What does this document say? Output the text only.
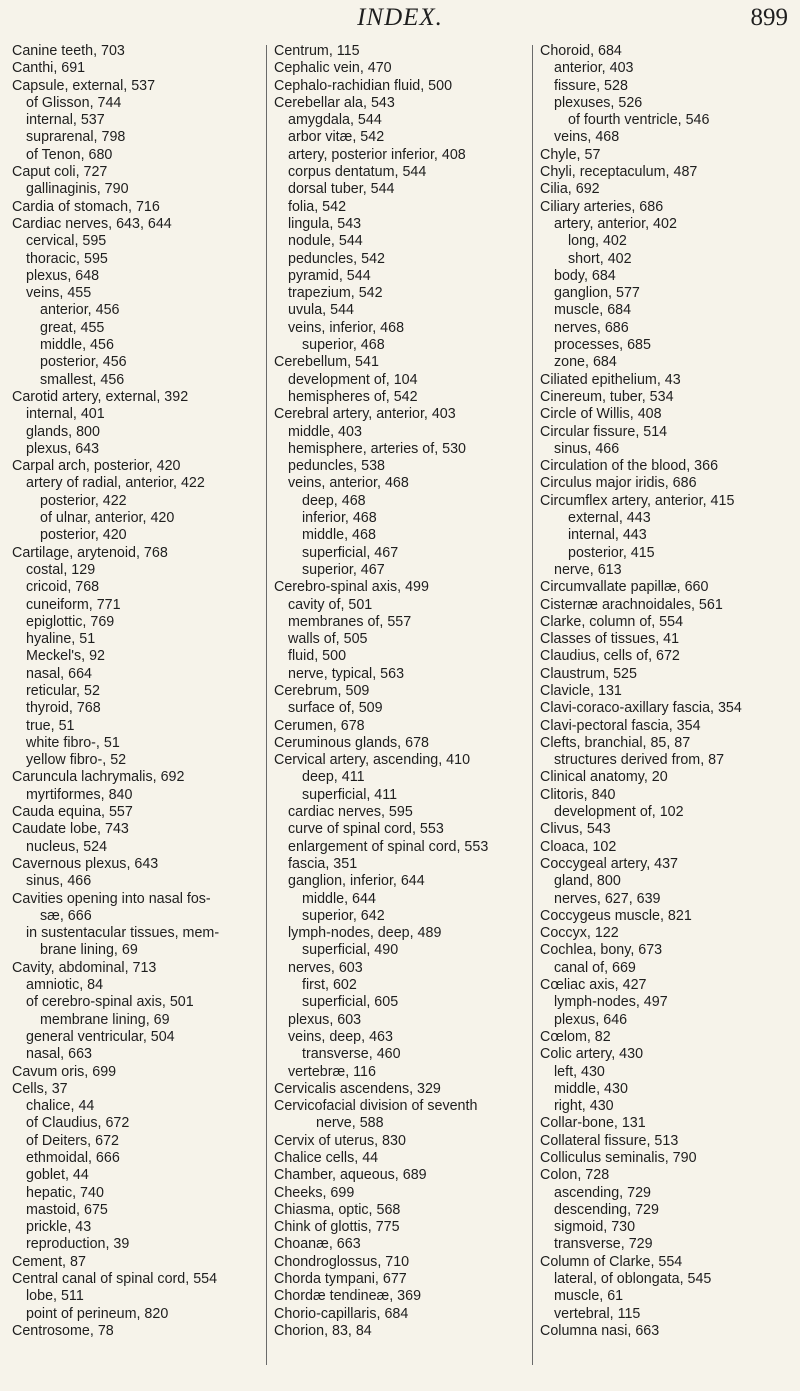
INDEX.	899
Canine teeth, 703
Canthi, 691
Capsule, external, 537
of Glisson, 744
internal, 537
suprarenal, 798
of Tenon, 680
Caput coli, 727
gallinaginis, 790
Cardia of stomach, 716
Cardiac nerves, 643, 644
cervical, 595
thoracic, 595
plexus, 648
veins, 455
anterior, 456
great, 455
middle, 456
posterior, 456
smallest, 456
Carotid artery, external, 392
internal, 401
glands, 800
plexus, 643
Carpal arch, posterior, 420
artery of radial, anterior, 422
posterior, 422
of ulnar, anterior, 420
posterior, 420
Cartilage, arytenoid, 768
costal, 129
cricoid, 768
cuneiform, 771
epiglottic, 769
hyaline, 51
Meckel's, 92
nasal, 664
reticular, 52
thyroid, 768
true, 51
white fibro-, 51
yellow fibro-, 52
Caruncula lachrymalis, 692
myrtiformes, 840
Cauda equina, 557
Caudate lobe, 743
nucleus, 524
Cavernous plexus, 643
sinus, 466
Cavities opening into nasal fos-
sæ, 666
in sustentacular tissues, mem-
brane lining, 69
Cavity, abdominal, 713
amniotic, 84
of cerebro-spinal axis, 501
membrane lining, 69
general ventricular, 504
nasal, 663
Cavum oris, 699
Cells, 37
chalice, 44
of Claudius, 672
of Deiters, 672
ethmoidal, 666
goblet, 44
hepatic, 740
mastoid, 675
prickle, 43
reproduction, 39
Cement, 87
Central canal of spinal cord, 554
lobe, 511
point of perineum, 820
Centrosome, 78
Centrum, 115
Cephalic vein, 470
Cephalo-rachidian fluid, 500
Cerebellar ala, 543
amygdala, 544
arbor vitæ, 542
artery, posterior inferior, 408
corpus dentatum, 544
dorsal tuber, 544
folia, 542
lingula, 543
nodule, 544
peduncles, 542
pyramid, 544
trapezium, 542
uvula, 544
veins, inferior, 468
superior, 468
Cerebellum, 541
development of, 104
hemispheres of, 542
Cerebral artery, anterior, 403
middle, 403
hemisphere, arteries of, 530
peduncles, 538
veins, anterior, 468
deep, 468
inferior, 468
middle, 468
superficial, 467
superior, 467
Cerebro-spinal axis, 499
cavity of, 501
membranes of, 557
walls of, 505
fluid, 500
nerve, typical, 563
Cerebrum, 509
surface of, 509
Cerumen, 678
Ceruminous glands, 678
Cervical artery, ascending, 410
deep, 411
superficial, 411
cardiac nerves, 595
curve of spinal cord, 553
enlargement of spinal cord, 553
fascia, 351
ganglion, inferior, 644
middle, 644
superior, 642
lymph-nodes, deep, 489
superficial, 490
nerves, 603
first, 602
superficial, 605
plexus, 603
veins, deep, 463
transverse, 460
vertebræ, 116
Cervicalis ascendens, 329
Cervicofacial division of seventh
nerve, 588
Cervix of uterus, 830
Chalice cells, 44
Chamber, aqueous, 689
Cheeks, 699
Chiasma, optic, 568
Chink of glottis, 775
Choanæ, 663
Chondroglossus, 710
Chorda tympani, 677
Chordæ tendineæ, 369
Chorio-capillaris, 684
Chorion, 83, 84
Choroid, 684
anterior, 403
fissure, 528
plexuses, 526
of fourth ventricle, 546
veins, 468
Chyle, 57
Chyli, receptaculum, 487
Cilia, 692
Ciliary arteries, 686
artery, anterior, 402
long, 402
short, 402
body, 684
ganglion, 577
muscle, 684
nerves, 686
processes, 685
zone, 684
Ciliated epithelium, 43
Cinereum, tuber, 534
Circle of Willis, 408
Circular fissure, 514
sinus, 466
Circulation of the blood, 366
Circulus major iridis, 686
Circumflex artery, anterior, 415
external, 443
internal, 443
posterior, 415
nerve, 613
Circumvallate papillæ, 660
Cisternæ arachnoidales, 561
Clarke, column of, 554
Classes of tissues, 41
Claudius, cells of, 672
Claustrum, 525
Clavicle, 131
Clavi-coraco-axillary fascia, 354
Clavi-pectoral fascia, 354
Clefts, branchial, 85, 87
structures derived from, 87
Clinical anatomy, 20
Clitoris, 840
development of, 102
Clivus, 543
Cloaca, 102
Coccygeal artery, 437
gland, 800
nerves, 627, 639
Coccygeus muscle, 821
Coccyx, 122
Cochlea, bony, 673
canal of, 669
Cœliac axis, 427
lymph-nodes, 497
plexus, 646
Cœlom, 82
Colic artery, 430
left, 430
middle, 430
right, 430
Collar-bone, 131
Collateral fissure, 513
Colliculus seminalis, 790
Colon, 728
ascending, 729
descending, 729
sigmoid, 730
transverse, 729
Column of Clarke, 554
lateral, of oblongata, 545
muscle, 61
vertebral, 115
Columna nasi, 663
